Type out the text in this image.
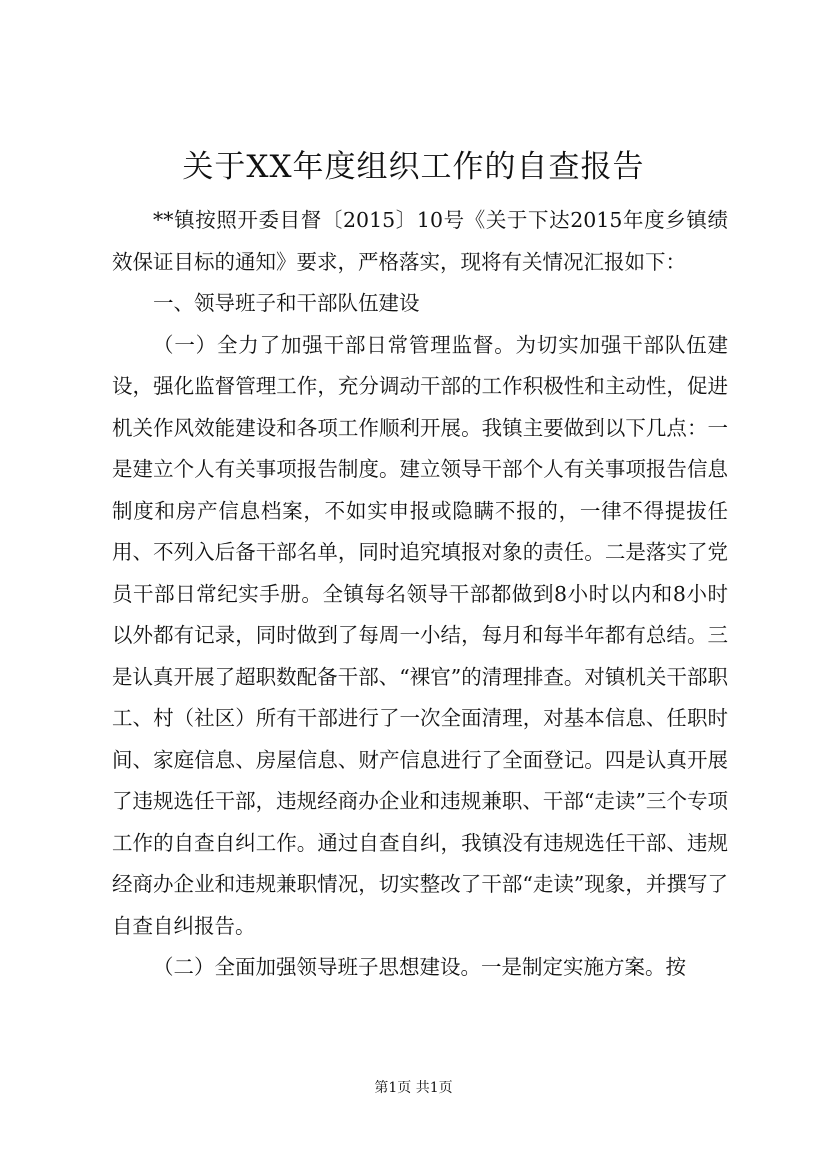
关于XX年度组织工作的自查报告

**镇按照开委目督〔2015〕10号《关于下达2015年度乡镇绩效保证目标的通知》要求，严格落实，现将有关情况汇报如下：

一、领导班子和干部队伍建设

（一）全力了加强干部日常管理监督。为切实加强干部队伍建设，强化监督管理工作，充分调动干部的工作积极性和主动性，促进机关作风效能建设和各项工作顺利开展。我镇主要做到以下几点：一是建立个人有关事项报告制度。建立领导干部个人有关事项报告信息制度和房产信息档案，不如实申报或隐瞒不报的，一律不得提拔任用、不列入后备干部名单，同时追究填报对象的责任。二是落实了党员干部日常纪实手册。全镇每名领导干部都做到8小时以内和8小时以外都有记录，同时做到了每周一小结，每月和每半年都有总结。三是认真开展了超职数配备干部、“裸官”的清理排查。对镇机关干部职工、村（社区）所有干部进行了一次全面清理，对基本信息、任职时间、家庭信息、房屋信息、财产信息进行了全面登记。四是认真开展了违规选任干部，违规经商办企业和违规兼职、干部“走读”三个专项工作的自查自纠工作。通过自查自纠，我镇没有违规选任干部、违规经商办企业和违规兼职情况，切实整改了干部“走读”现象，并撰写了自查自纠报告。

（二）全面加强领导班子思想建设。一是制定实施方案。按

第1页 共1页
